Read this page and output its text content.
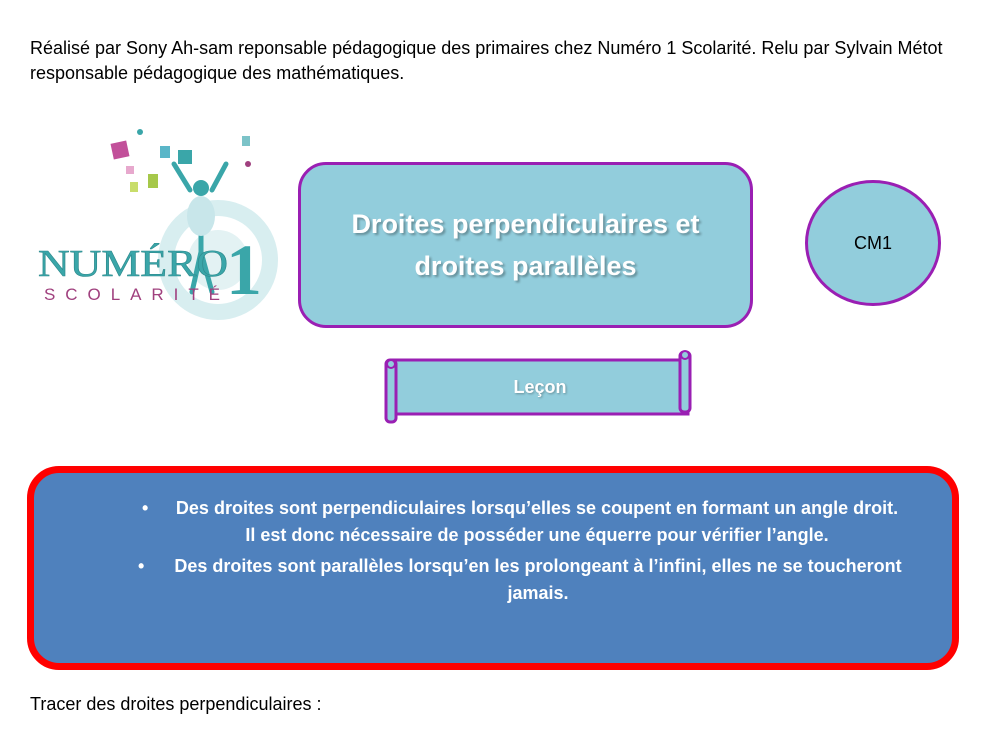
Réalisé par Sony Ah-sam reponsable pédagogique des primaires chez Numéro 1 Scolarité. Relu par Sylvain Métot responsable pédagogique des mathématiques.

NUMÉRO
1
SCOLARITÉ
Droites perpendiculaires et droites parallèles
CM1
Leçon
• Des droites sont perpendiculaires lorsqu’elles se coupent en formant un angle droit. Il est donc nécessaire de posséder une équerre pour vérifier l’angle.
• Des droites sont parallèles lorsqu’en les prolongeant à l’infini, elles ne se toucheront jamais.
Tracer des droites perpendiculaires :
